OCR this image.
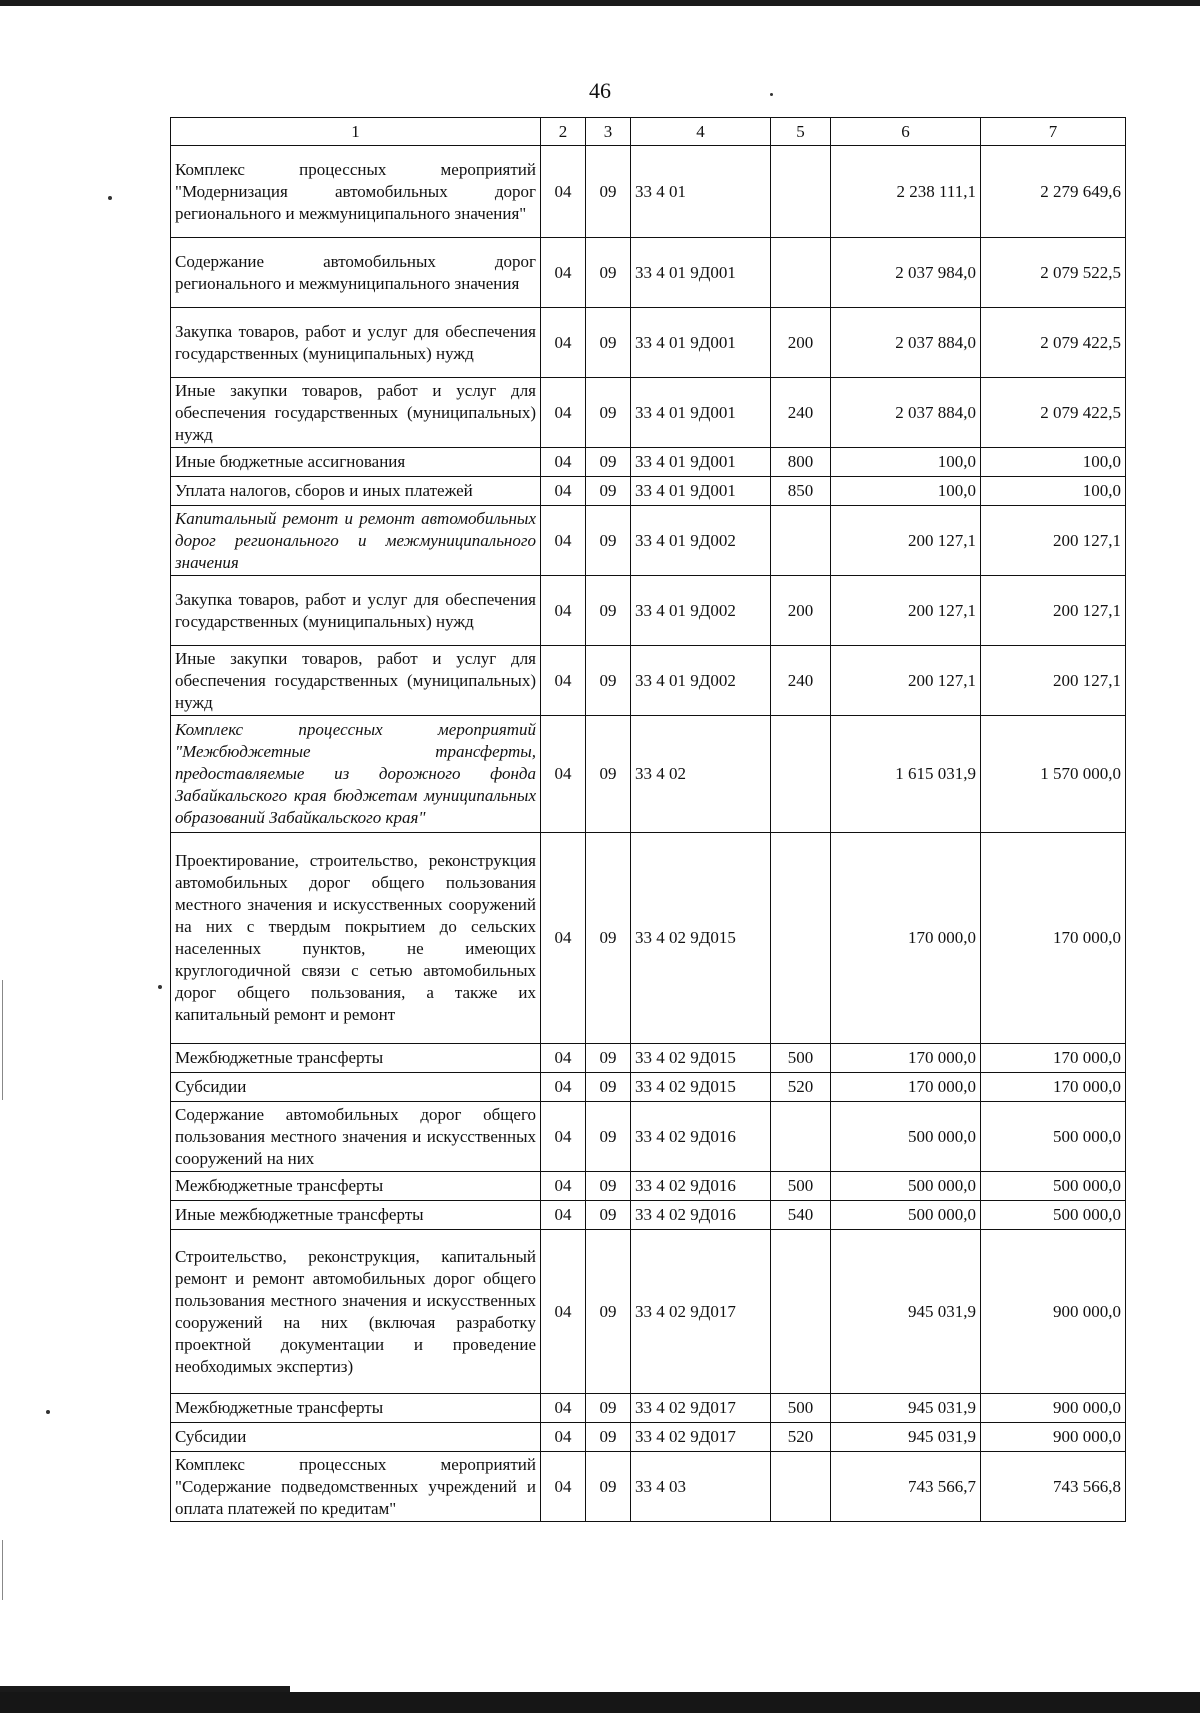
46
1	2	3	4	5	6	7
Комплекс процессных мероприятий "Модернизация автомобильных дорог регионального и межмуниципального значения"	04	09	33 4 01		2 238 111,1	2 279 649,6
Содержание автомобильных дорог регионального и межмуниципального значения	04	09	33 4 01 9Д001		2 037 984,0	2 079 522,5
Закупка товаров, работ и услуг для обеспечения государственных (муниципальных) нужд	04	09	33 4 01 9Д001	200	2 037 884,0	2 079 422,5
Иные закупки товаров, работ и услуг для обеспечения государственных (муниципальных) нужд	04	09	33 4 01 9Д001	240	2 037 884,0	2 079 422,5
Иные бюджетные ассигнования	04	09	33 4 01 9Д001	800	100,0	100,0
Уплата налогов, сборов и иных платежей	04	09	33 4 01 9Д001	850	100,0	100,0
Капитальный ремонт и ремонт автомобильных дорог регионального и межмуниципального значения	04	09	33 4 01 9Д002		200 127,1	200 127,1
Закупка товаров, работ и услуг для обеспечения государственных (муниципальных) нужд	04	09	33 4 01 9Д002	200	200 127,1	200 127,1
Иные закупки товаров, работ и услуг для обеспечения государственных (муниципальных) нужд	04	09	33 4 01 9Д002	240	200 127,1	200 127,1
Комплекс процессных мероприятий "Межбюджетные трансферты, предоставляемые из дорожного фонда Забайкальского края бюджетам муниципальных образований Забайкальского края"	04	09	33 4 02		1 615 031,9	1 570 000,0
Проектирование, строительство, реконструкция автомобильных дорог общего пользования местного значения и искусственных сооружений на них с твердым покрытием до сельских населенных пунктов, не имеющих круглогодичной связи с сетью автомобильных дорог общего пользования, а также их капитальный ремонт и ремонт	04	09	33 4 02 9Д015		170 000,0	170 000,0
Межбюджетные трансферты	04	09	33 4 02 9Д015	500	170 000,0	170 000,0
Субсидии	04	09	33 4 02 9Д015	520	170 000,0	170 000,0
Содержание автомобильных дорог общего пользования местного значения и искусственных сооружений на них	04	09	33 4 02 9Д016		500 000,0	500 000,0
Межбюджетные трансферты	04	09	33 4 02 9Д016	500	500 000,0	500 000,0
Иные межбюджетные трансферты	04	09	33 4 02 9Д016	540	500 000,0	500 000,0
Строительство, реконструкция, капитальный ремонт и ремонт автомобильных дорог общего пользования местного значения и искусственных сооружений на них (включая разработку проектной документации и проведение необходимых экспертиз)	04	09	33 4 02 9Д017		945 031,9	900 000,0
Межбюджетные трансферты	04	09	33 4 02 9Д017	500	945 031,9	900 000,0
Субсидии	04	09	33 4 02 9Д017	520	945 031,9	900 000,0
Комплекс процессных мероприятий "Содержание подведомственных учреждений и оплата платежей по кредитам"	04	09	33 4 03		743 566,7	743 566,8
